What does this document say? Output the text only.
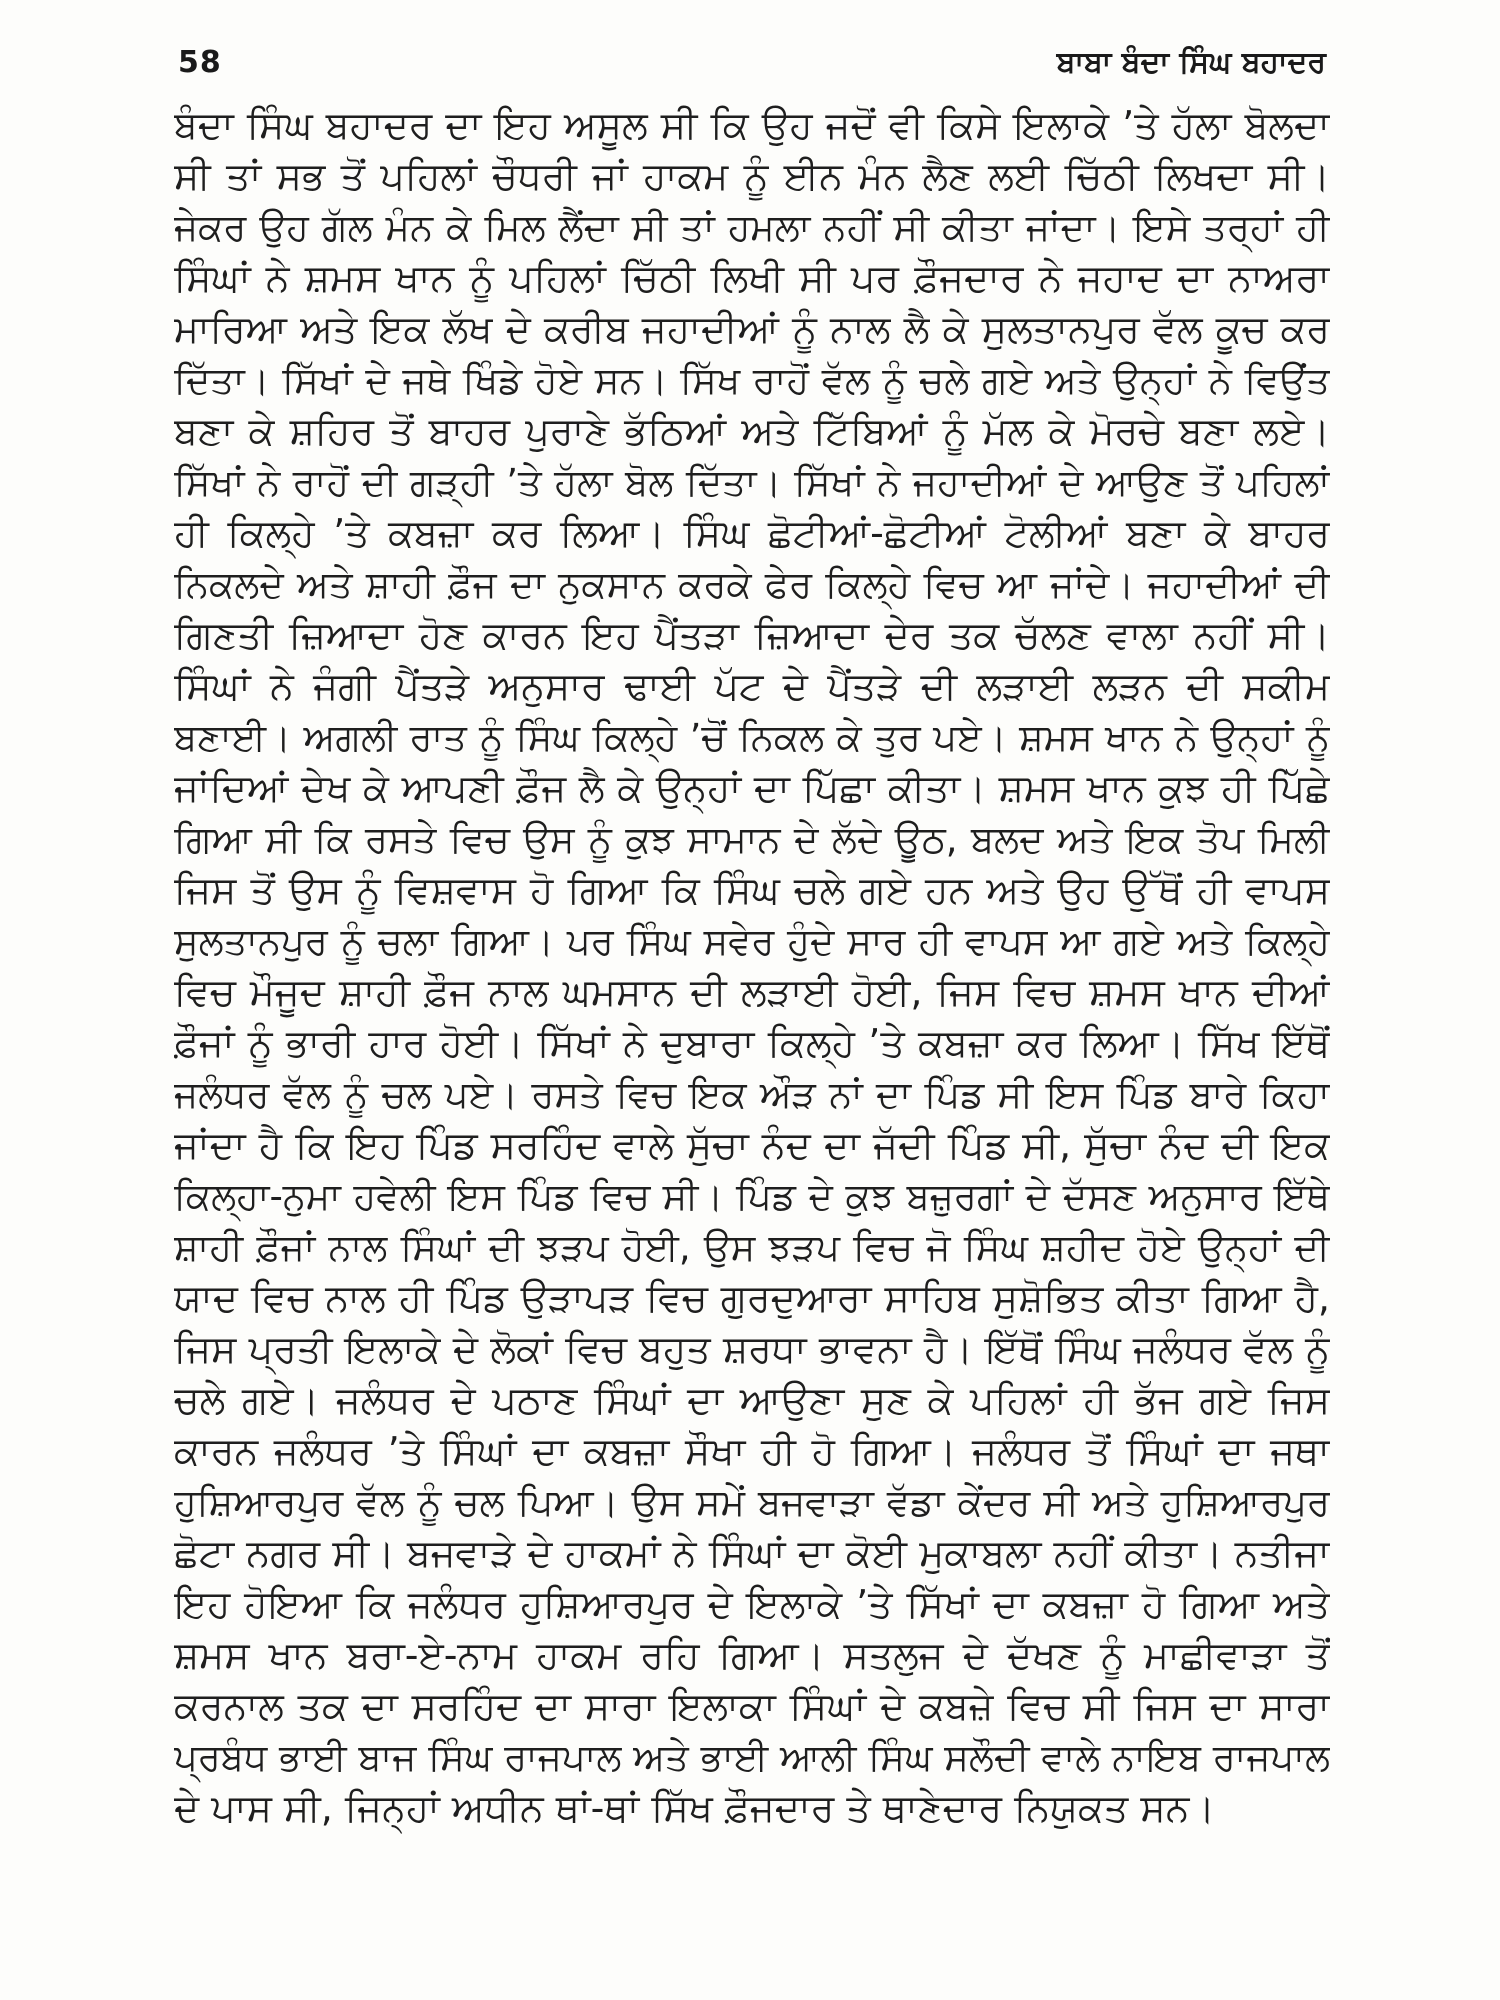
58	ਬਾਬਾ ਬੰਦਾ ਸਿੰਘ ਬਹਾਦਰ
ਬੰਦਾ ਸਿੰਘ ਬਹਾਦਰ ਦਾ ਇਹ ਅਸੂਲ ਸੀ ਕਿ ਉਹ ਜਦੋਂ ਵੀ ਕਿਸੇ ਇਲਾਕੇ ’ਤੇ ਹੱਲਾ ਬੋਲਦਾ
ਸੀ ਤਾਂ ਸਭ ਤੋਂ ਪਹਿਲਾਂ ਚੌਧਰੀ ਜਾਂ ਹਾਕਮ ਨੂੰ ਈਨ ਮੰਨ ਲੈਣ ਲਈ ਚਿੱਠੀ ਲਿਖਦਾ ਸੀ।
ਜੇਕਰ ਉਹ ਗੱਲ ਮੰਨ ਕੇ ਮਿਲ ਲੈਂਦਾ ਸੀ ਤਾਂ ਹਮਲਾ ਨਹੀਂ ਸੀ ਕੀਤਾ ਜਾਂਦਾ। ਇਸੇ ਤਰ੍ਹਾਂ ਹੀ
ਸਿੰਘਾਂ ਨੇ ਸ਼ਮਸ ਖਾਨ ਨੂੰ ਪਹਿਲਾਂ ਚਿੱਠੀ ਲਿਖੀ ਸੀ ਪਰ ਫ਼ੌਜਦਾਰ ਨੇ ਜਹਾਦ ਦਾ ਨਾਅਰਾ
ਮਾਰਿਆ ਅਤੇ ਇਕ ਲੱਖ ਦੇ ਕਰੀਬ ਜਹਾਦੀਆਂ ਨੂੰ ਨਾਲ ਲੈ ਕੇ ਸੁਲਤਾਨਪੁਰ ਵੱਲ ਕੂਚ ਕਰ
ਦਿੱਤਾ। ਸਿੱਖਾਂ ਦੇ ਜਥੇ ਖਿੰਡੇ ਹੋਏ ਸਨ। ਸਿੱਖ ਰਾਹੋਂ ਵੱਲ ਨੂੰ ਚਲੇ ਗਏ ਅਤੇ ਉਨ੍ਹਾਂ ਨੇ ਵਿਉਂਤ
ਬਣਾ ਕੇ ਸ਼ਹਿਰ ਤੋਂ ਬਾਹਰ ਪੁਰਾਣੇ ਭੱਠਿਆਂ ਅਤੇ ਟਿੱਬਿਆਂ ਨੂੰ ਮੱਲ ਕੇ ਮੋਰਚੇ ਬਣਾ ਲਏ।
ਸਿੱਖਾਂ ਨੇ ਰਾਹੋਂ ਦੀ ਗੜ੍ਹੀ ’ਤੇ ਹੱਲਾ ਬੋਲ ਦਿੱਤਾ। ਸਿੱਖਾਂ ਨੇ ਜਹਾਦੀਆਂ ਦੇ ਆਉਣ ਤੋਂ ਪਹਿਲਾਂ
ਹੀ ਕਿਲ੍ਹੇ ’ਤੇ ਕਬਜ਼ਾ ਕਰ ਲਿਆ। ਸਿੰਘ ਛੋਟੀਆਂ-ਛੋਟੀਆਂ ਟੋਲੀਆਂ ਬਣਾ ਕੇ ਬਾਹਰ
ਨਿਕਲਦੇ ਅਤੇ ਸ਼ਾਹੀ ਫ਼ੌਜ ਦਾ ਨੁਕਸਾਨ ਕਰਕੇ ਫੇਰ ਕਿਲ੍ਹੇ ਵਿਚ ਆ ਜਾਂਦੇ। ਜਹਾਦੀਆਂ ਦੀ
ਗਿਣਤੀ ਜ਼ਿਆਦਾ ਹੋਣ ਕਾਰਨ ਇਹ ਪੈਂਤੜਾ ਜ਼ਿਆਦਾ ਦੇਰ ਤਕ ਚੱਲਣ ਵਾਲਾ ਨਹੀਂ ਸੀ।
ਸਿੰਘਾਂ ਨੇ ਜੰਗੀ ਪੈਂਤੜੇ ਅਨੁਸਾਰ ਢਾਈ ਪੱਟ ਦੇ ਪੈਂਤੜੇ ਦੀ ਲੜਾਈ ਲੜਨ ਦੀ ਸਕੀਮ
ਬਣਾਈ। ਅਗਲੀ ਰਾਤ ਨੂੰ ਸਿੰਘ ਕਿਲ੍ਹੇ ’ਚੋਂ ਨਿਕਲ ਕੇ ਤੁਰ ਪਏ। ਸ਼ਮਸ ਖਾਨ ਨੇ ਉਨ੍ਹਾਂ ਨੂੰ
ਜਾਂਦਿਆਂ ਦੇਖ ਕੇ ਆਪਣੀ ਫ਼ੌਜ ਲੈ ਕੇ ਉਨ੍ਹਾਂ ਦਾ ਪਿੱਛਾ ਕੀਤਾ। ਸ਼ਮਸ ਖਾਨ ਕੁਝ ਹੀ ਪਿੱਛੇ
ਗਿਆ ਸੀ ਕਿ ਰਸਤੇ ਵਿਚ ਉਸ ਨੂੰ ਕੁਝ ਸਾਮਾਨ ਦੇ ਲੱਦੇ ਊਠ, ਬਲਦ ਅਤੇ ਇਕ ਤੋਪ ਮਿਲੀ
ਜਿਸ ਤੋਂ ਉਸ ਨੂੰ ਵਿਸ਼ਵਾਸ ਹੋ ਗਿਆ ਕਿ ਸਿੰਘ ਚਲੇ ਗਏ ਹਨ ਅਤੇ ਉਹ ਉੱਥੋਂ ਹੀ ਵਾਪਸ
ਸੁਲਤਾਨਪੁਰ ਨੂੰ ਚਲਾ ਗਿਆ। ਪਰ ਸਿੰਘ ਸਵੇਰ ਹੁੰਦੇ ਸਾਰ ਹੀ ਵਾਪਸ ਆ ਗਏ ਅਤੇ ਕਿਲ੍ਹੇ
ਵਿਚ ਮੌਜੂਦ ਸ਼ਾਹੀ ਫ਼ੌਜ ਨਾਲ ਘਮਸਾਨ ਦੀ ਲੜਾਈ ਹੋਈ, ਜਿਸ ਵਿਚ ਸ਼ਮਸ ਖਾਨ ਦੀਆਂ
ਫ਼ੌਜਾਂ ਨੂੰ ਭਾਰੀ ਹਾਰ ਹੋਈ। ਸਿੱਖਾਂ ਨੇ ਦੁਬਾਰਾ ਕਿਲ੍ਹੇ ’ਤੇ ਕਬਜ਼ਾ ਕਰ ਲਿਆ। ਸਿੱਖ ਇੱਥੋਂ
ਜਲੰਧਰ ਵੱਲ ਨੂੰ ਚਲ ਪਏ। ਰਸਤੇ ਵਿਚ ਇਕ ਔੜ ਨਾਂ ਦਾ ਪਿੰਡ ਸੀ ਇਸ ਪਿੰਡ ਬਾਰੇ ਕਿਹਾ
ਜਾਂਦਾ ਹੈ ਕਿ ਇਹ ਪਿੰਡ ਸਰਹਿੰਦ ਵਾਲੇ ਸੁੱਚਾ ਨੰਦ ਦਾ ਜੱਦੀ ਪਿੰਡ ਸੀ, ਸੁੱਚਾ ਨੰਦ ਦੀ ਇਕ
ਕਿਲ੍ਹਾ-ਨੁਮਾ ਹਵੇਲੀ ਇਸ ਪਿੰਡ ਵਿਚ ਸੀ। ਪਿੰਡ ਦੇ ਕੁਝ ਬਜ਼ੁਰਗਾਂ ਦੇ ਦੱਸਣ ਅਨੁਸਾਰ ਇੱਥੇ
ਸ਼ਾਹੀ ਫ਼ੌਜਾਂ ਨਾਲ ਸਿੰਘਾਂ ਦੀ ਝੜਪ ਹੋਈ, ਉਸ ਝੜਪ ਵਿਚ ਜੋ ਸਿੰਘ ਸ਼ਹੀਦ ਹੋਏ ਉਨ੍ਹਾਂ ਦੀ
ਯਾਦ ਵਿਚ ਨਾਲ ਹੀ ਪਿੰਡ ਉੜਾਪੜ ਵਿਚ ਗੁਰਦੁਆਰਾ ਸਾਹਿਬ ਸੁਸ਼ੋਭਿਤ ਕੀਤਾ ਗਿਆ ਹੈ,
ਜਿਸ ਪ੍ਰਤੀ ਇਲਾਕੇ ਦੇ ਲੋਕਾਂ ਵਿਚ ਬਹੁਤ ਸ਼ਰਧਾ ਭਾਵਨਾ ਹੈ। ਇੱਥੋਂ ਸਿੰਘ ਜਲੰਧਰ ਵੱਲ ਨੂੰ
ਚਲੇ ਗਏ। ਜਲੰਧਰ ਦੇ ਪਠਾਣ ਸਿੰਘਾਂ ਦਾ ਆਉਣਾ ਸੁਣ ਕੇ ਪਹਿਲਾਂ ਹੀ ਭੱਜ ਗਏ ਜਿਸ
ਕਾਰਨ ਜਲੰਧਰ ’ਤੇ ਸਿੰਘਾਂ ਦਾ ਕਬਜ਼ਾ ਸੌਖਾ ਹੀ ਹੋ ਗਿਆ। ਜਲੰਧਰ ਤੋਂ ਸਿੰਘਾਂ ਦਾ ਜਥਾ
ਹੁਸ਼ਿਆਰਪੁਰ ਵੱਲ ਨੂੰ ਚਲ ਪਿਆ। ਉਸ ਸਮੇਂ ਬਜਵਾੜਾ ਵੱਡਾ ਕੇਂਦਰ ਸੀ ਅਤੇ ਹੁਸ਼ਿਆਰਪੁਰ
ਛੋਟਾ ਨਗਰ ਸੀ। ਬਜਵਾੜੇ ਦੇ ਹਾਕਮਾਂ ਨੇ ਸਿੰਘਾਂ ਦਾ ਕੋਈ ਮੁਕਾਬਲਾ ਨਹੀਂ ਕੀਤਾ। ਨਤੀਜਾ
ਇਹ ਹੋਇਆ ਕਿ ਜਲੰਧਰ ਹੁਸ਼ਿਆਰਪੁਰ ਦੇ ਇਲਾਕੇ ’ਤੇ ਸਿੱਖਾਂ ਦਾ ਕਬਜ਼ਾ ਹੋ ਗਿਆ ਅਤੇ
ਸ਼ਮਸ ਖਾਨ ਬਰਾ-ਏ-ਨਾਮ ਹਾਕਮ ਰਹਿ ਗਿਆ। ਸਤਲੁਜ ਦੇ ਦੱਖਣ ਨੂੰ ਮਾਛੀਵਾੜਾ ਤੋਂ
ਕਰਨਾਲ ਤਕ ਦਾ ਸਰਹਿੰਦ ਦਾ ਸਾਰਾ ਇਲਾਕਾ ਸਿੰਘਾਂ ਦੇ ਕਬਜ਼ੇ ਵਿਚ ਸੀ ਜਿਸ ਦਾ ਸਾਰਾ
ਪ੍ਰਬੰਧ ਭਾਈ ਬਾਜ ਸਿੰਘ ਰਾਜਪਾਲ ਅਤੇ ਭਾਈ ਆਲੀ ਸਿੰਘ ਸਲੌਦੀ ਵਾਲੇ ਨਾਇਬ ਰਾਜਪਾਲ
ਦੇ ਪਾਸ ਸੀ, ਜਿਨ੍ਹਾਂ ਅਧੀਨ ਥਾਂ-ਥਾਂ ਸਿੱਖ ਫ਼ੌਜਦਾਰ ਤੇ ਥਾਣੇਦਾਰ ਨਿਯੁਕਤ ਸਨ।
